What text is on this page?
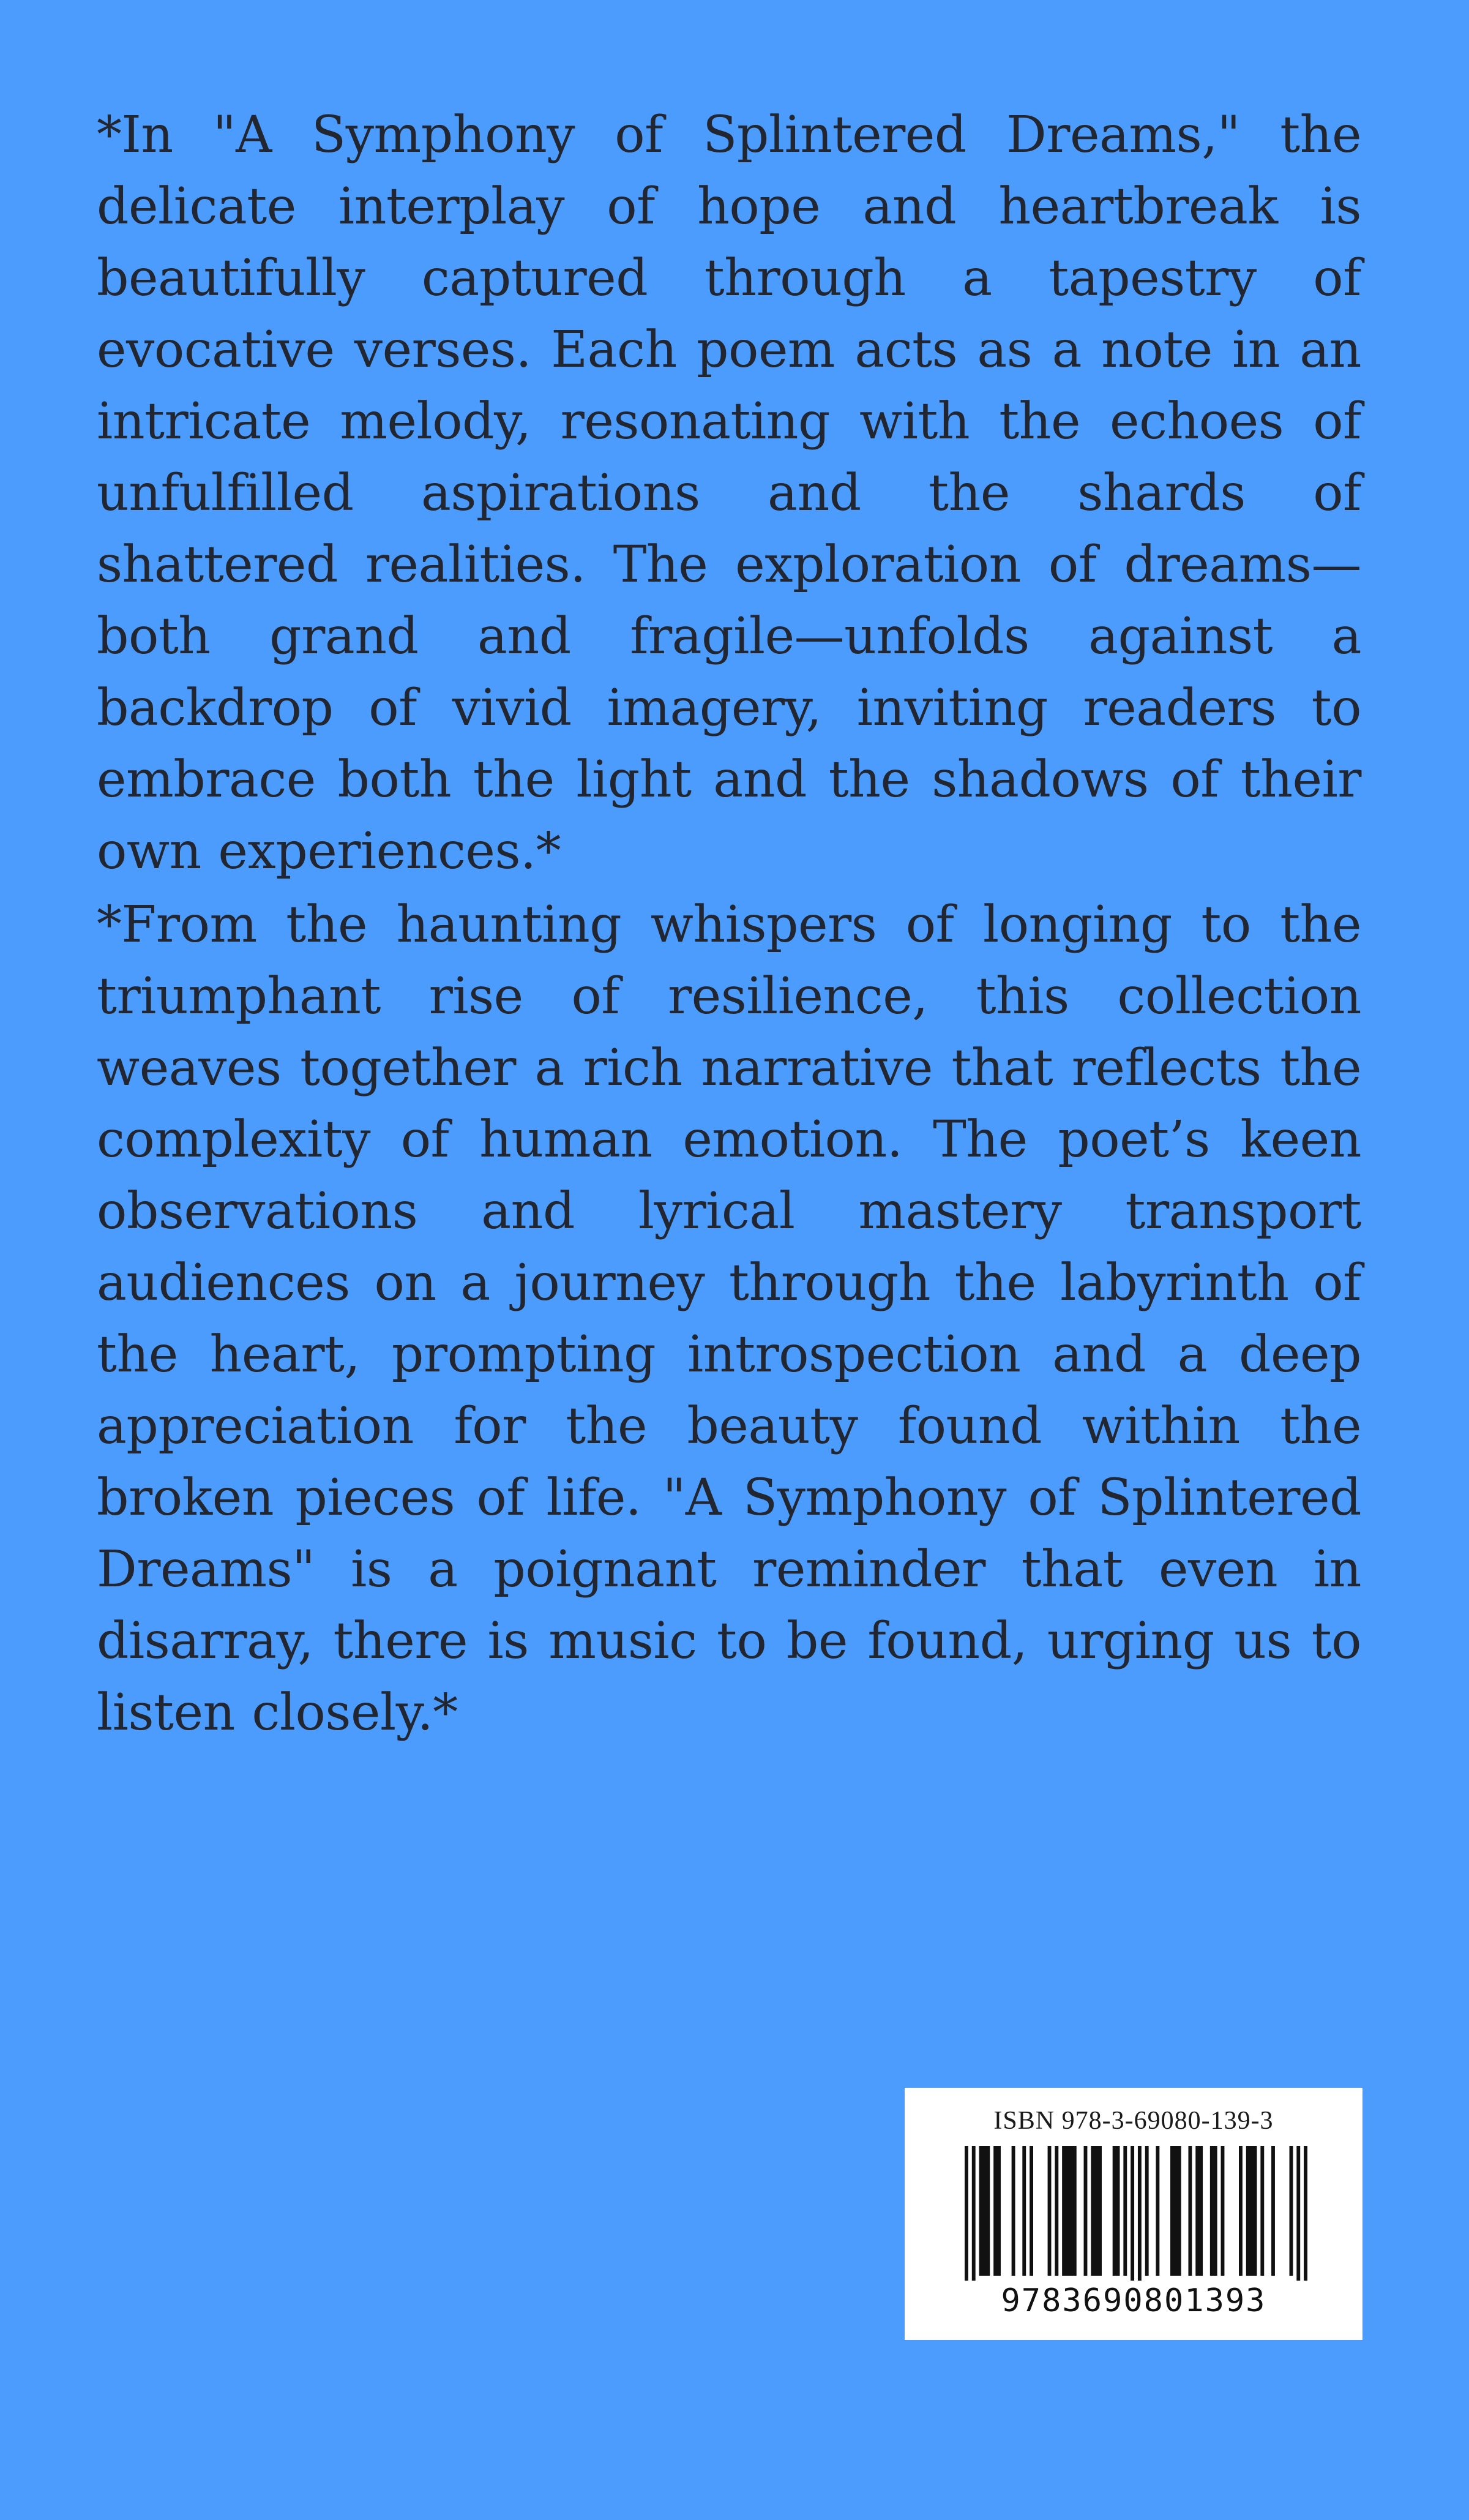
*In "A Symphony of Splintered Dreams," the delicate interplay of hope and heartbreak is beautifully captured through a tapestry of evocative verses. Each poem acts as a note in an intricate melody, resonating with the echoes of unfulfilled aspirations and the shards of shattered realities. The exploration of dreams—both grand and fragile—unfolds against a backdrop of vivid imagery, inviting readers to embrace both the light and the shadows of their own experiences.*

*From the haunting whispers of longing to the triumphant rise of resilience, this collection weaves together a rich narrative that reflects the complexity of human emotion. The poet’s keen observations and lyrical mastery transport audiences on a journey through the labyrinth of the heart, prompting introspection and a deep appreciation for the beauty found within the broken pieces of life. "A Symphony of Splintered Dreams" is a poignant reminder that even in disarray, there is music to be found, urging us to listen closely.*

ISBN 978-3-69080-139-3
9783690801393
